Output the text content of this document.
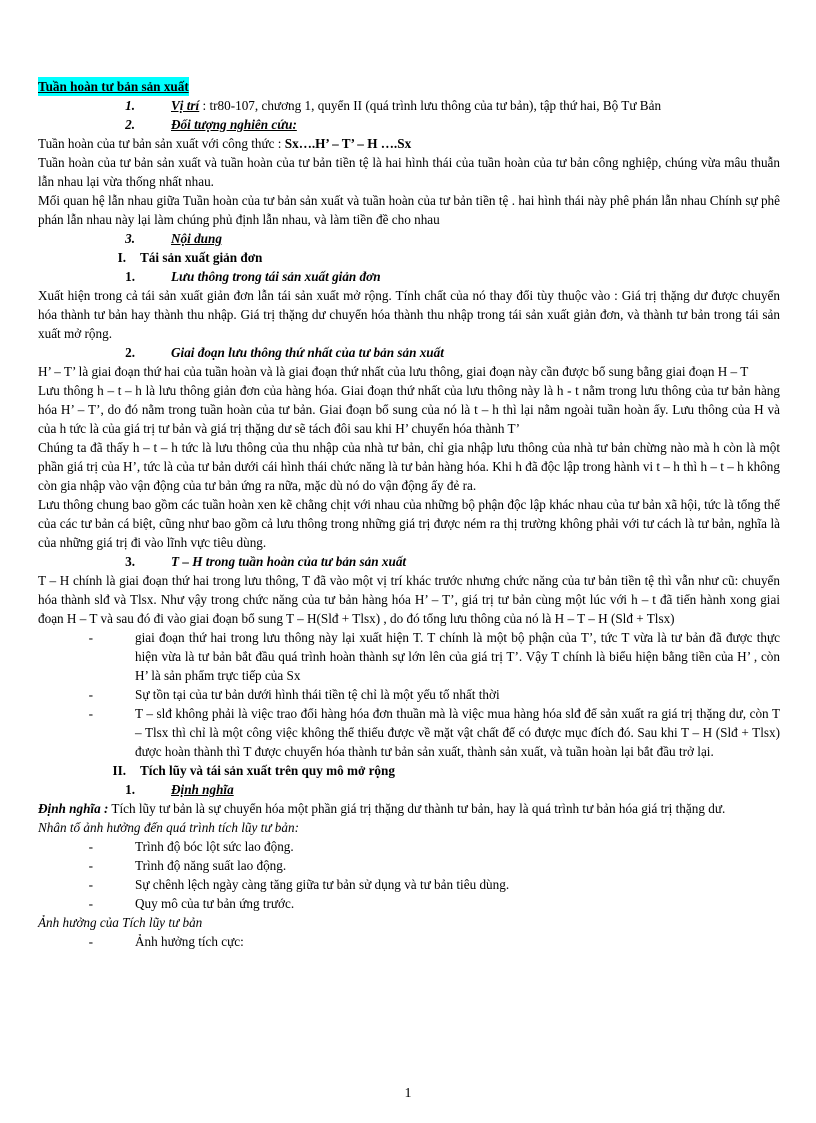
Tuần hoàn tư bản sản xuất

1.	Vị trí : tr80-107, chương 1, quyển II (quá trình lưu thông của tư bản), tập thứ hai, Bộ Tư Bản
2.	Đối tượng nghiên cứu:

Tuần hoàn của tư bản sản xuất với công thức : Sx….H’ – T’ – H ….Sx

Tuần hoàn của tư bản sản xuất và tuần hoàn của tư bản tiền tệ là hai hình thái của tuần hoàn của tư bản công nghiệp, chúng vừa mâu thuẫn lẫn nhau lại vừa thống nhất nhau.

Mối quan hệ lẫn nhau giữa Tuần hoàn của tư bản sản xuất và tuần hoàn của tư bản tiền tệ . hai hình thái này phê phán lẫn nhau Chính sự phê phán lẫn nhau này lại làm chúng phủ định lẫn nhau, và làm tiền đề cho nhau

3.	Nội dung
I. Tái sản xuất giản đơn
1.	Lưu thông trong tái sản xuất giản đơn

Xuất hiện trong cả tái sản xuất giản đơn lẫn tái sản xuất mở rộng. Tính chất của nó thay đổi tùy thuộc vào : Giá trị thặng dư được chuyển hóa thành tư bản hay thành thu nhập. Giá trị thặng dư chuyển hóa thành thu nhập trong tái sản xuất giản đơn, và thành tư bản trong tái sản xuất mở rộng.

2.	Giai đoạn lưu thông thứ nhất của tư bản sản xuất

H’ – T’ là giai đoạn thứ hai của tuần hoàn và là giai đoạn thứ nhất của lưu thông, giai đoạn này cần được bổ sung bằng giai đoạn H – T

Lưu thông h – t – h là lưu thông giản đơn của hàng hóa. Giai đoạn thứ nhất của lưu thông này là h - t nằm trong lưu thông của tư bản hàng hóa H’ – T’, do đó nằm trong tuần hoàn của tư bản. Giai đoạn bổ sung của nó là t – h thì lại nằm ngoài tuần hoàn ấy. Lưu thông của H và của h tức là của giá trị tư bản và giá trị thặng dư sẽ tách đôi sau khi H’ chuyển hóa thành T’

Chúng ta đã thấy h – t – h tức là lưu thông của thu nhập của nhà tư bản, chỉ gia nhập lưu thông của nhà tư bản chừng nào mà h còn là một phần giá trị của H’, tức là của tư bản dưới cái hình thái chức năng là tư bản hàng hóa. Khi h đã độc lập trong hành vi t – h thì h – t – h không còn gia nhập vào vận động của tư bản ứng ra nữa, mặc dù nó do vận động ấy đẻ ra.

Lưu thông chung bao gồm các tuần hoàn xen kẽ chằng chịt với nhau của những bộ phận độc lập khác nhau của tư bản xã hội, tức là tổng thể của các tư bản cá biệt, cũng như bao gồm cả lưu thông trong những giá trị được ném ra thị trường không phải với tư cách là tư bản, nghĩa là của những giá trị đi vào lĩnh vực tiêu dùng.

3.	T – H trong tuần hoàn của tư bản sản xuất

T – H chính là giai đoạn thứ hai trong lưu thông, T đã vào một vị trí khác trước nhưng chức năng của tư bản tiền tệ thì vẫn như cũ: chuyển hóa thành slđ và Tlsx. Như vậy trong chức năng của tư bản hàng hóa H’ – T’, giá trị tư bản cùng một lúc với h – t đã tiến hành xong giai đoạn H – T và sau đó đi vào giai đoạn bổ sung T – H(Slđ + Tlsx) , do đó tổng lưu thông của nó là H – T – H (Slđ + Tlsx)

-	giai đoạn thứ hai trong lưu thông này lại xuất hiện T. T chính là một bộ phận của T’, tức T vừa là tư bản đã được thực hiện vừa là tư bản bắt đầu quá trình hoàn thành sự lớn lên của giá trị T’. Vậy T chính là biểu hiện bằng tiền của H’ , còn H’ là sản phẩm trực tiếp của Sx
-	Sự tồn tại của tư bản dưới hình thái tiền tệ chỉ là một yếu tố nhất thời
-	T – slđ không phải là việc trao đổi hàng hóa đơn thuần mà là việc mua hàng hóa slđ để sản xuất ra giá trị thặng dư, còn T – Tlsx thì chỉ là một công việc không thể thiếu được về mặt vật chất để có được mục đích đó. Sau khi T – H (Slđ + Tlsx) được hoàn thành thì T được chuyển hóa thành tư bản sản xuất, thành sản xuất, và tuần hoàn lại bắt đầu trở lại.
II. Tích lũy và tái sản xuất trên quy mô mở rộng
1.	Định nghĩa

Định nghĩa : Tích lũy tư bản là sự chuyển hóa một phần giá trị thặng dư thành tư bản, hay là quá trình tư bản hóa giá trị thặng dư.

Nhân tố ảnh hưởng đến quá trình tích lũy tư bản:

-	Trình độ bóc lột sức lao động.
-	Trình độ năng suất lao động.
-	Sự chênh lệch ngày càng tăng giữa tư bản sử dụng và tư bản tiêu dùng.
-	Quy mô của tư bản ứng trước.

Ảnh hưởng của Tích lũy tư bản

-	Ảnh hưởng tích cực:
1
